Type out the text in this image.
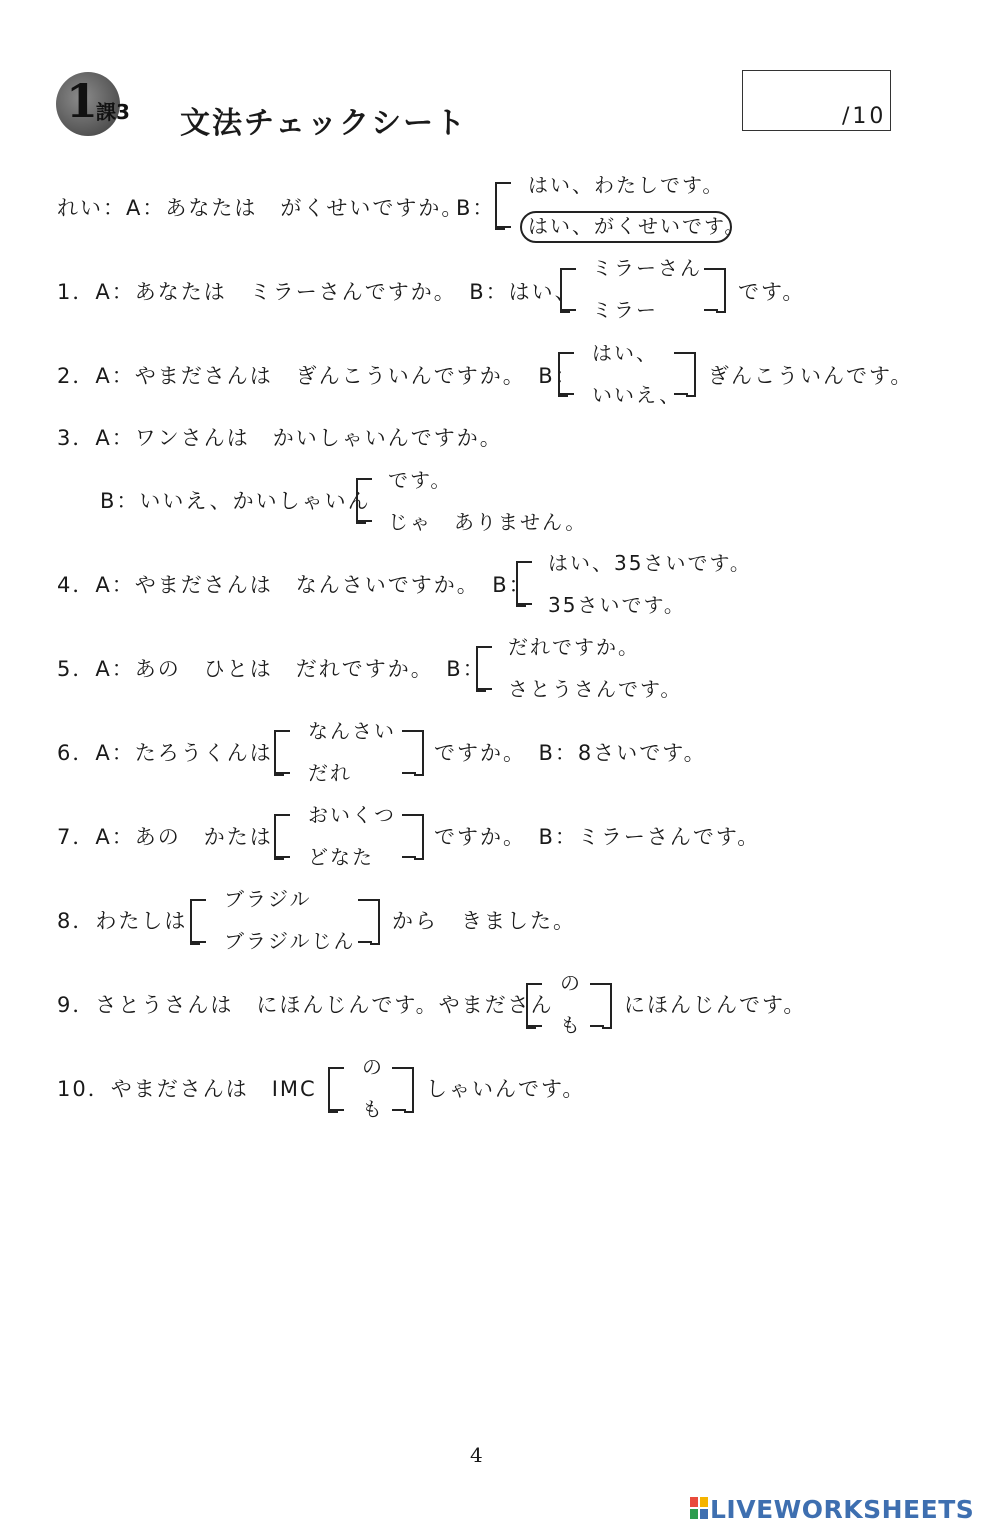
1
課3 文法チェックシート	/10
れい：A：あなたは　がくせいですか。
B：
はい、わたしです。
はい、がくせいです。
1．A：あなたは　ミラーさんですか。　B：はい、
ミラーさん
ミラー
です。
2．A：やまださんは　ぎんこういんですか。　B：
はい、
いいえ、
ぎんこういんです。
3．A：ワンさんは　かいしゃいんですか。
B：いいえ、かいしゃいん
です。
じゃ　ありません。
4．A：やまださんは　なんさいですか。　B：
はい、35さいです。
35さいです。
5．A：あの　ひとは　だれですか。　B：
だれですか。
さとうさんです。
6．A：たろうくんは
なんさい
だれ
ですか。　B：8さいです。
7．A：あの　かたは
おいくつ
どなた
ですか。　B：ミラーさんです。
8．わたしは
ブラジル
ブラジルじん
から　きました。
9．さとうさんは　にほんじんです。やまださん
の
も
にほんじんです。
10．やまださんは　IMC
の
も
しゃいんです。
4
LIVEWORKSHEETS
